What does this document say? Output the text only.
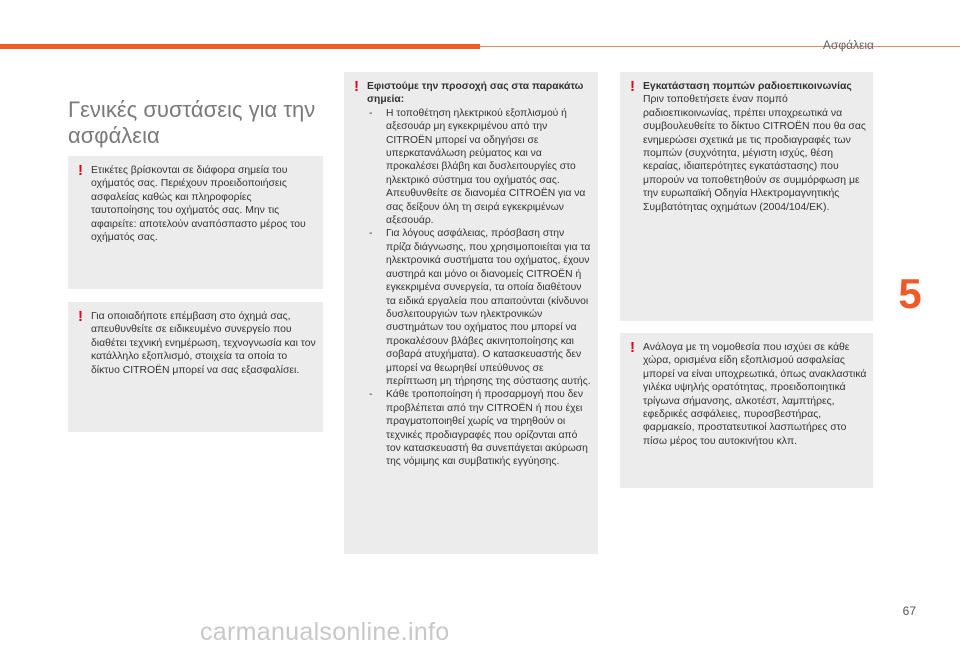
Ασφάλεια
5
Γενικές συστάσεις για την ασφάλεια
! Ετικέτες βρίσκονται σε διάφορα σημεία του οχήματός σας. Περιέχουν προειδοποιήσεις ασφαλείας καθώς και πληροφορίες ταυτοποίησης του οχήματός σας. Μην τις αφαιρείτε: αποτελούν αναπόσπαστο μέρος του οχήματός σας.
! Για οποιαδήποτε επέμβαση στο όχημά σας, απευθυνθείτε σε ειδικευμένο συνεργείο που διαθέτει τεχνική ενημέρωση, τεχνογνωσία και τον κατάλληλο εξοπλισμό, στοιχεία τα οποία το δίκτυο CITROËN μπορεί να σας εξασφαλίσει.
! Εφιστούμε την προσοχή σας στα παρακάτω σημεία:
- Η τοποθέτηση ηλεκτρικού εξοπλισμού ή αξεσουάρ μη εγκεκριμένου από την CITROËN μπορεί να οδηγήσει σε υπερκατανάλωση ρεύματος και να προκαλέσει βλάβη και δυσλειτουργίες στο ηλεκτρικό σύστημα του οχήματός σας. Απευθυνθείτε σε διανομέα CITROËN για να σας δείξουν όλη τη σειρά εγκεκριμένων αξεσουάρ.
- Για λόγους ασφάλειας, πρόσβαση στην πρίζα διάγνωσης, που χρησιμοποιείται για τα ηλεκτρονικά συστήματα του οχήματος, έχουν αυστηρά και μόνο οι διανομείς CITROËN ή εγκεκριμένα συνεργεία, τα οποία διαθέτουν τα ειδικά εργαλεία που απαιτούνται (κίνδυνοι δυσλειτουργιών των ηλεκτρονικών συστημάτων του οχήματος που μπορεί να προκαλέσουν βλάβες ακινητοποίησης και σοβαρά ατυχήματα). Ο κατασκευαστής δεν μπορεί να θεωρηθεί υπεύθυνος σε περίπτωση μη τήρησης της σύστασης αυτής.
- Κάθε τροποποίηση ή προσαρμογή που δεν προβλέπεται από την CITROËN ή που έχει πραγματοποιηθεί χωρίς να τηρηθούν οι τεχνικές προδιαγραφές που ορίζονται από τον κατασκευαστή θα συνεπάγεται ακύρωση της νόμιμης και συμβατικής εγγύησης.
! Εγκατάσταση πομπών ραδιοεπικοινωνίας
Πριν τοποθετήσετε έναν πομπό ραδιοεπικοινωνίας, πρέπει υποχρεωτικά να συμβουλευθείτε το δίκτυο CITROËN που θα σας ενημερώσει σχετικά με τις προδιαγραφές των πομπών (συχνότητα, μέγιστη ισχύς, θέση κεραίας, ιδιαιτερότητες εγκατάστασης) που μπορούν να τοποθετηθούν σε συμμόρφωση με την ευρωπαϊκή Οδηγία Ηλεκτρομαγνητικής Συμβατότητας οχημάτων (2004/104/ΕΚ).
! Ανάλογα με τη νομοθεσία που ισχύει σε κάθε χώρα, ορισμένα είδη εξοπλισμού ασφαλείας μπορεί να είναι υποχρεωτικά, όπως ανακλαστικά γιλέκα υψηλής ορατότητας, προειδοποιητικά τρίγωνα σήμανσης, αλκοτέστ, λαμπτήρες, εφεδρικές ασφάλειες, πυροσβεστήρας, φαρμακείο, προστατευτικοί λασπωτήρες στο πίσω μέρος του αυτοκινήτου κλπ.
67
carmanualsonline.info
